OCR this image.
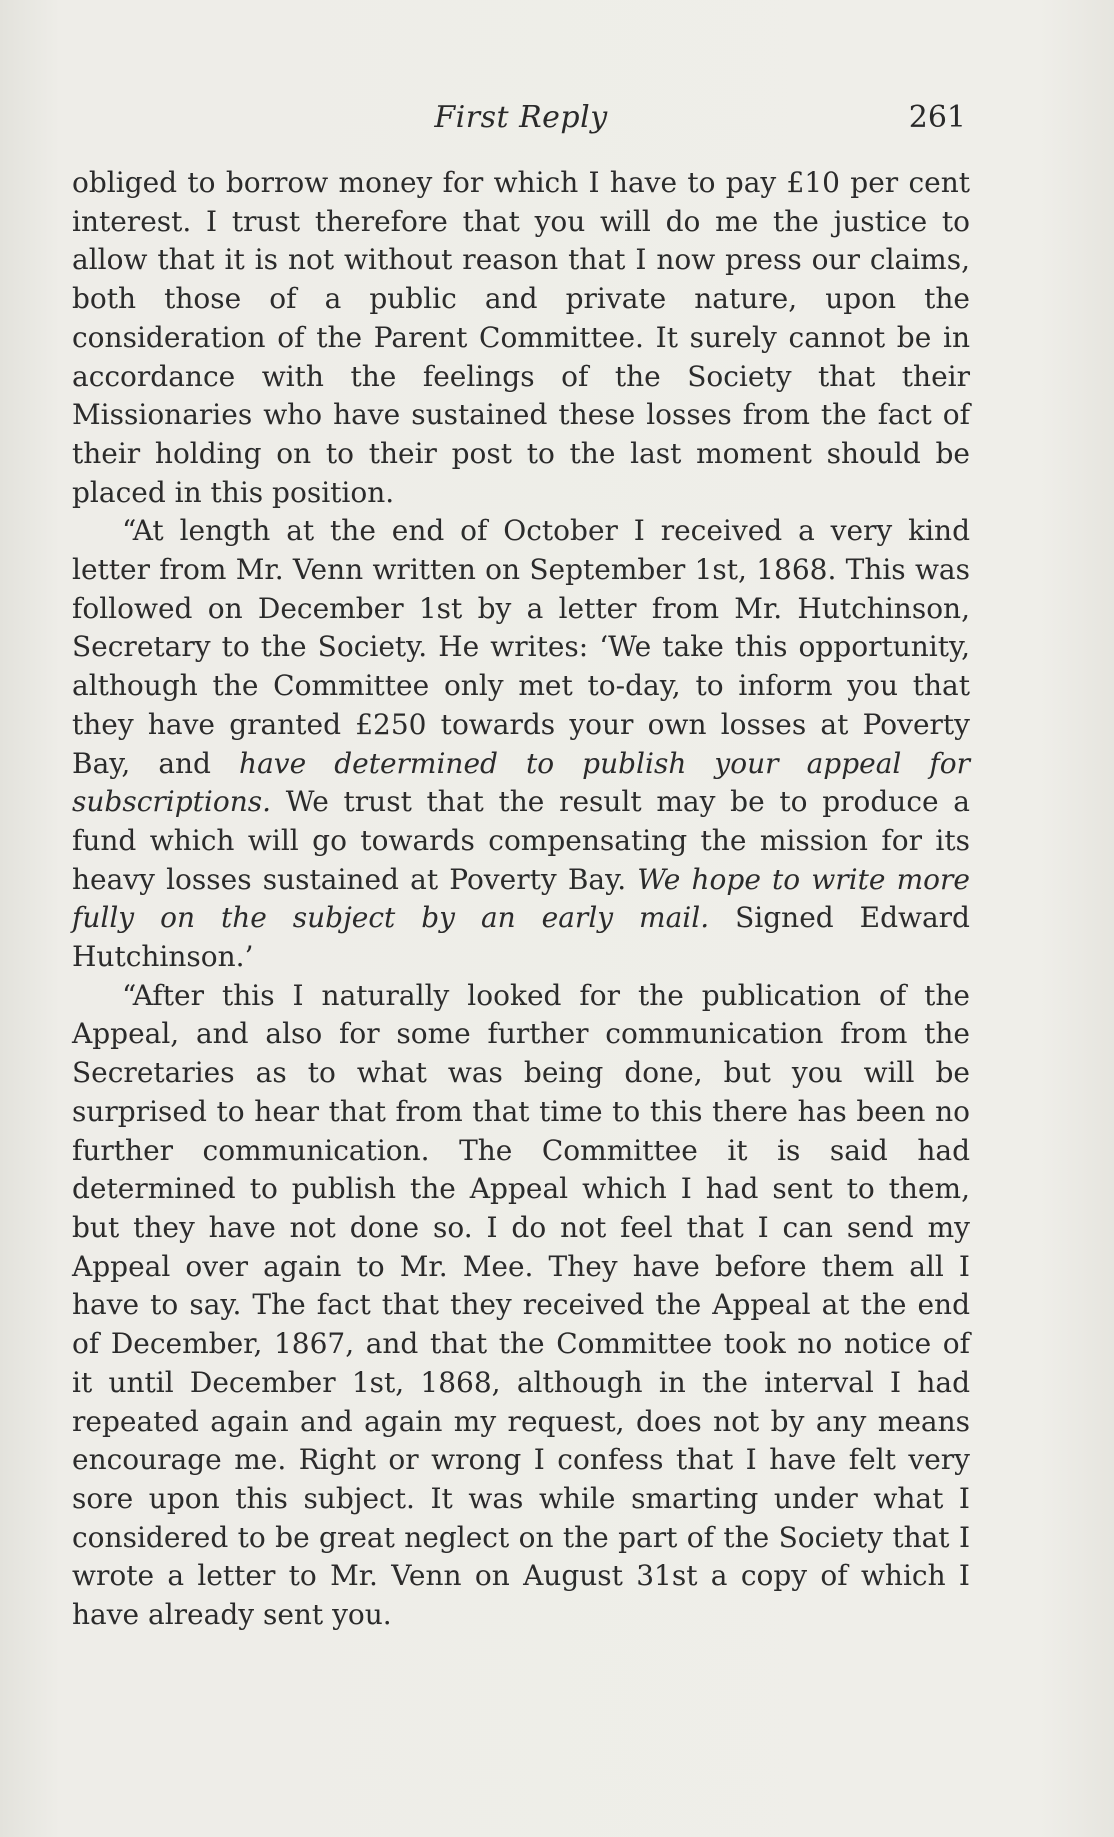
First Reply	261

obliged to borrow money for which I have to pay £10 per cent interest. I trust therefore that you will do me the justice to allow that it is not without reason that I now press our claims, both those of a public and private nature, upon the consideration of the Parent Committee. It surely cannot be in accordance with the feelings of the Society that their Missionaries who have sustained these losses from the fact of their holding on to their post to the last moment should be placed in this position.

“At length at the end of October I received a very kind letter from Mr. Venn written on September 1st, 1868. This was followed on December 1st by a letter from Mr. Hutchinson, Secretary to the Society. He writes: ‘We take this opportunity, although the Committee only met to-day, to inform you that they have granted £250 towards your own losses at Poverty Bay, and have determined to publish your appeal for subscriptions. We trust that the result may be to produce a fund which will go towards compensating the mission for its heavy losses sustained at Poverty Bay. We hope to write more fully on the subject by an early mail. Signed Edward Hutchinson.’

“After this I naturally looked for the publication of the Appeal, and also for some further communication from the Secretaries as to what was being done, but you will be surprised to hear that from that time to this there has been no further communication. The Committee it is said had determined to publish the Appeal which I had sent to them, but they have not done so. I do not feel that I can send my Appeal over again to Mr. Mee. They have before them all I have to say. The fact that they received the Appeal at the end of December, 1867, and that the Committee took no notice of it until December 1st, 1868, although in the interval I had repeated again and again my request, does not by any means encourage me. Right or wrong I confess that I have felt very sore upon this subject. It was while smarting under what I considered to be great neglect on the part of the Society that I wrote a letter to Mr. Venn on August 31st a copy of which I have already sent you.
